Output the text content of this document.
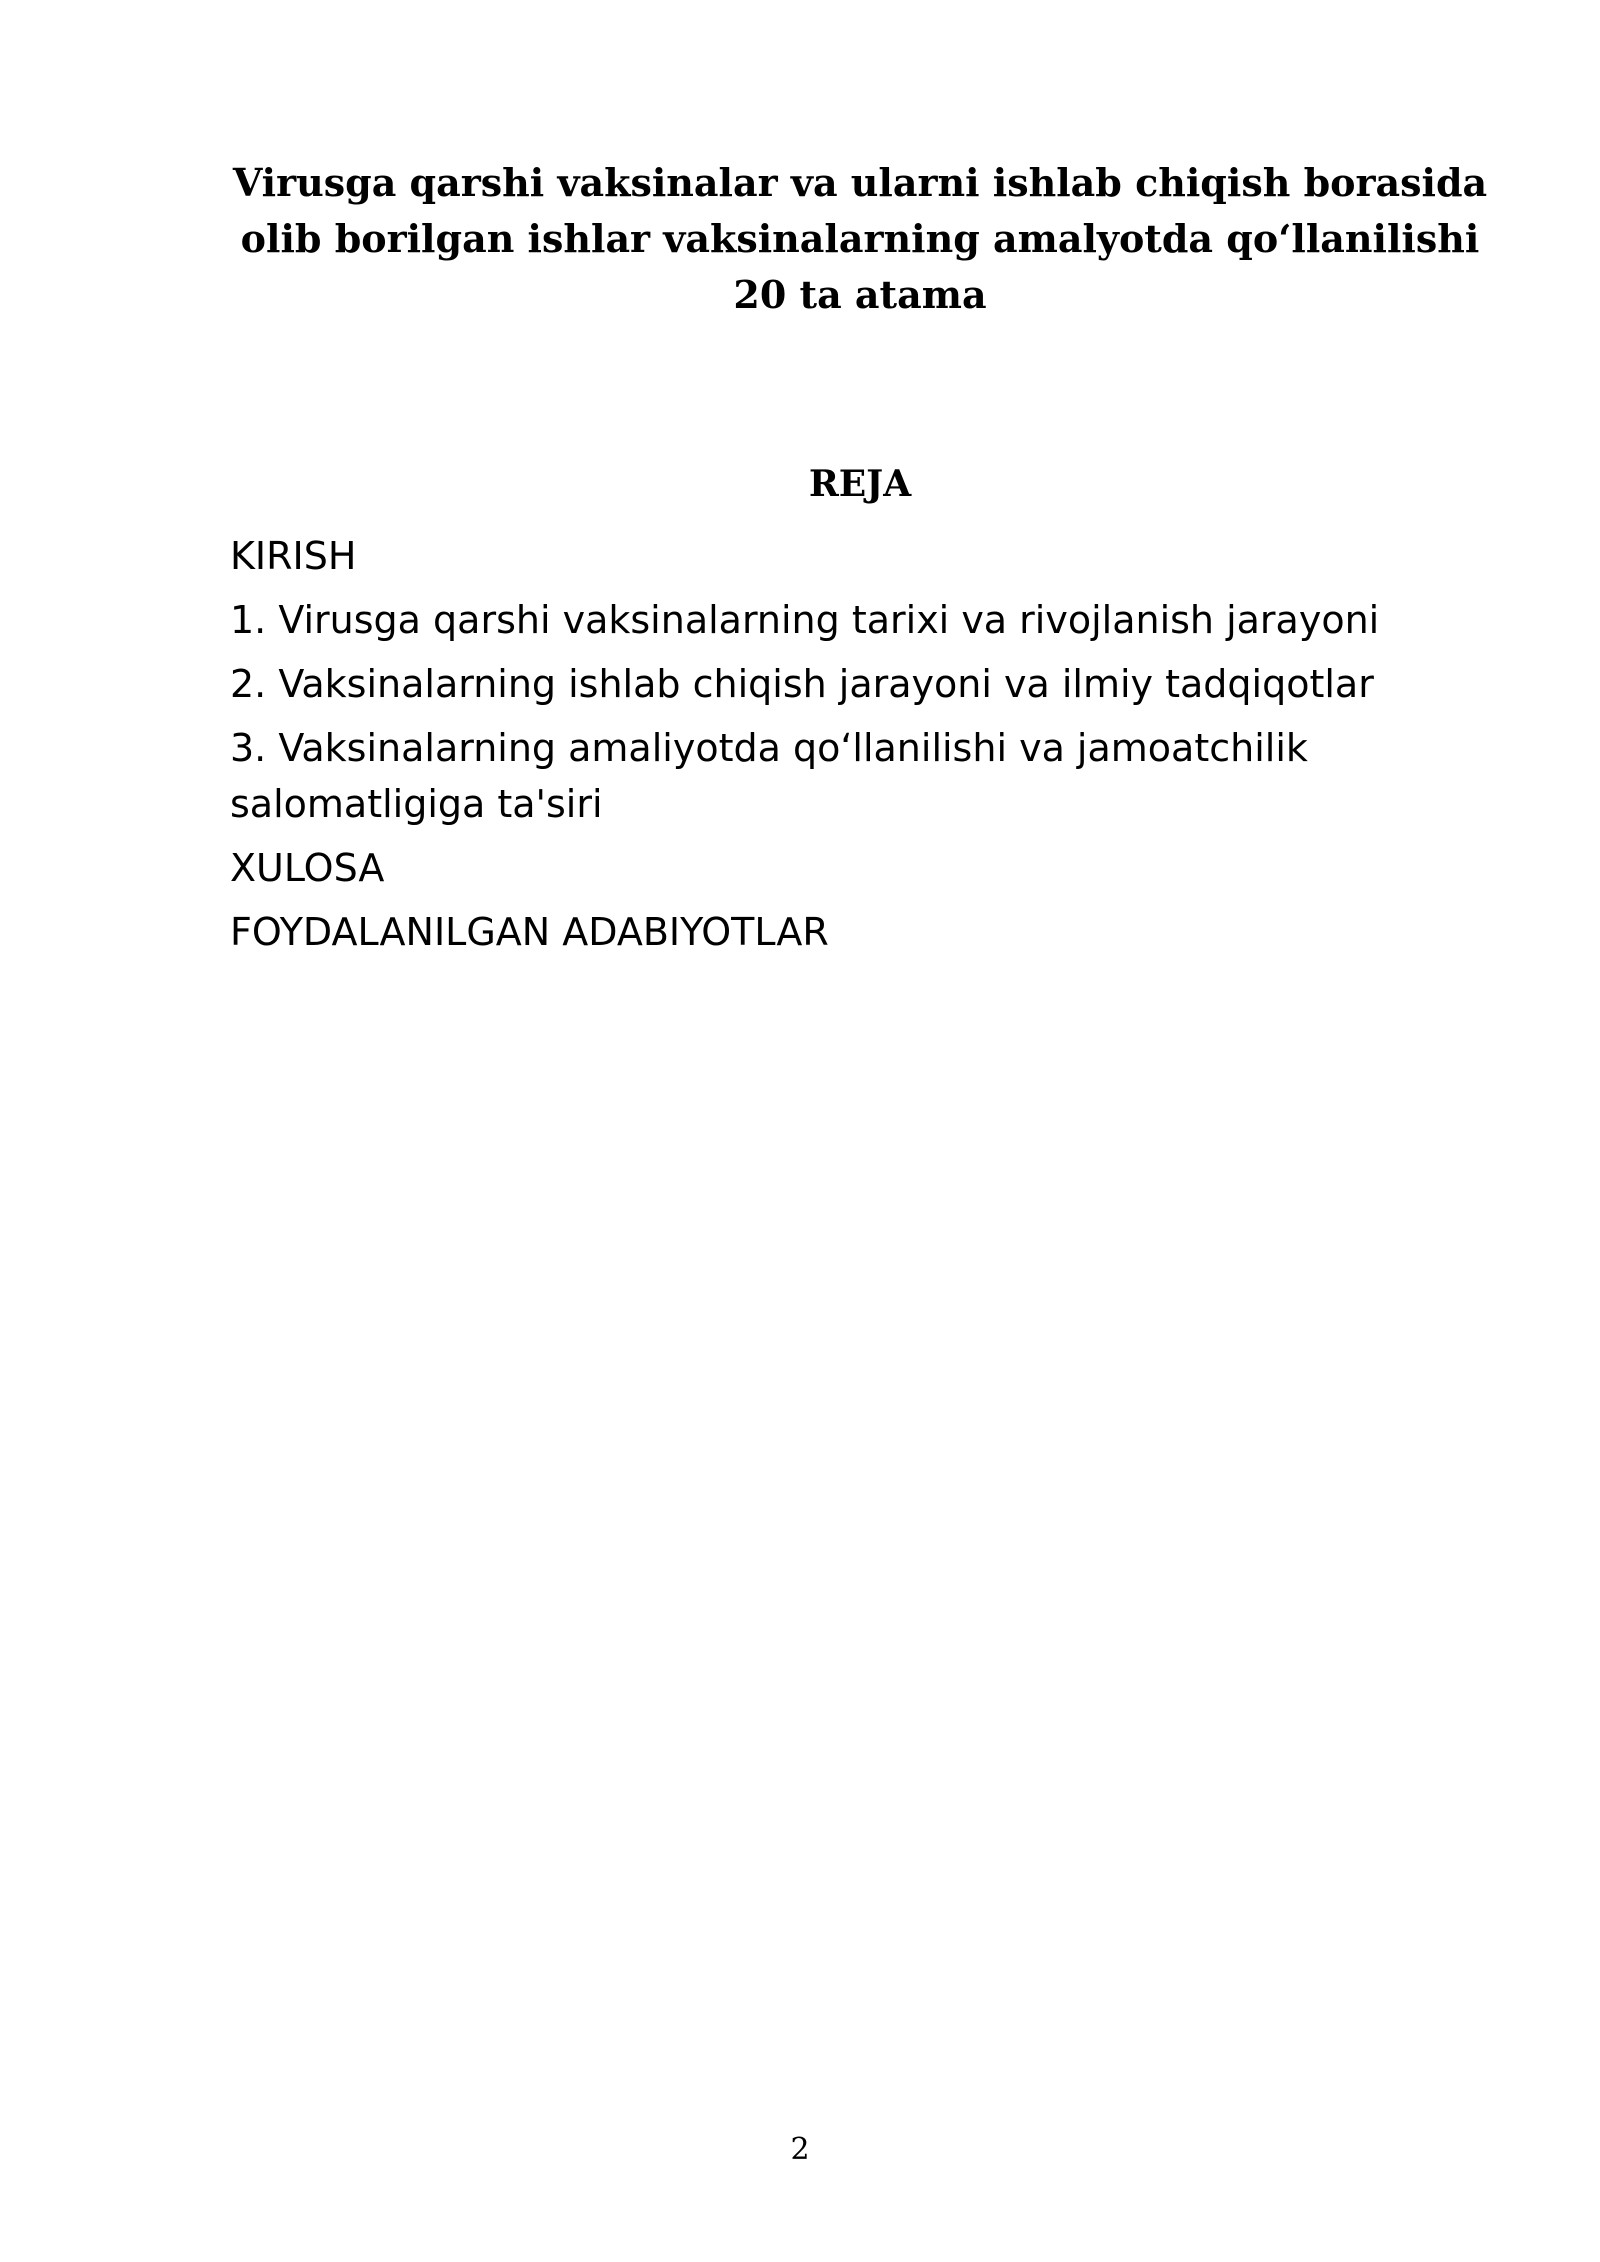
Virusga qarshi vaksinalar va ularni ishlab chiqish borasida
olib borilgan ishlar vaksinalarning amalyotda qo‘llanilishi
20 ta atama
REJA
KIRISH
1. Virusga qarshi vaksinalarning tarixi va rivojlanish jarayoni
2. Vaksinalarning ishlab chiqish jarayoni va ilmiy tadqiqotlar
3. Vaksinalarning amaliyotda qo‘llanilishi va jamoatchilik
salomatligiga ta'siri
XULOSA
FOYDALANILGAN ADABIYOTLAR
2
